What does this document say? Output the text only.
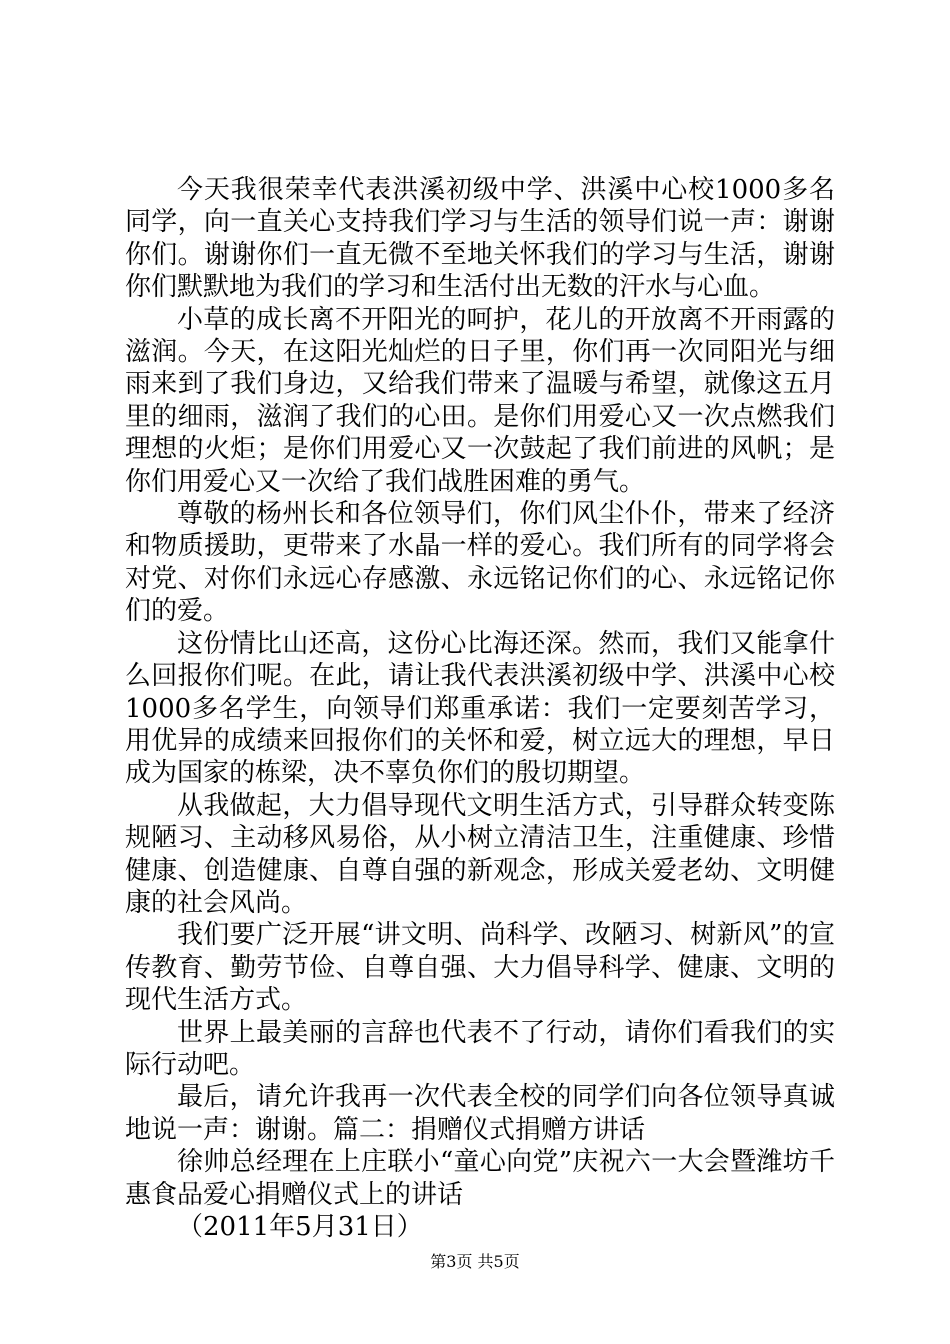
今天我很荣幸代表洪溪初级中学、洪溪中心校1000多名同学，向一直关心支持我们学习与生活的领导们说一声：谢谢你们。谢谢你们一直无微不至地关怀我们的学习与生活，谢谢你们默默地为我们的学习和生活付出无数的汗水与心血。

小草的成长离不开阳光的呵护，花儿的开放离不开雨露的滋润。今天，在这阳光灿烂的日子里，你们再一次同阳光与细雨来到了我们身边，又给我们带来了温暖与希望，就像这五月里的细雨，滋润了我们的心田。是你们用爱心又一次点燃我们理想的火炬；是你们用爱心又一次鼓起了我们前进的风帆；是你们用爱心又一次给了我们战胜困难的勇气。

尊敬的杨州长和各位领导们，你们风尘仆仆，带来了经济和物质援助，更带来了水晶一样的爱心。我们所有的同学将会对党、对你们永远心存感激、永远铭记你们的心、永远铭记你们的爱。

这份情比山还高，这份心比海还深。然而，我们又能拿什么回报你们呢。在此，请让我代表洪溪初级中学、洪溪中心校1000多名学生，向领导们郑重承诺：我们一定要刻苦学习，用优异的成绩来回报你们的关怀和爱，树立远大的理想，早日成为国家的栋梁，决不辜负你们的殷切期望。

从我做起，大力倡导现代文明生活方式，引导群众转变陈规陋习、主动移风易俗，从小树立清洁卫生，注重健康、珍惜健康、创造健康、自尊自强的新观念，形成关爱老幼、文明健康的社会风尚。

我们要广泛开展“讲文明、尚科学、改陋习、树新风”的宣传教育、勤劳节俭、自尊自强、大力倡导科学、健康、文明的现代生活方式。

世界上最美丽的言辞也代表不了行动，请你们看我们的实际行动吧。

最后，请允许我再一次代表全校的同学们向各位领导真诚地说一声：谢谢。篇二：捐赠仪式捐赠方讲话

徐帅总经理在上庄联小“童心向党”庆祝六一大会暨潍坊千惠食品爱心捐赠仪式上的讲话

（2011年5月31日）

第3页 共5页
